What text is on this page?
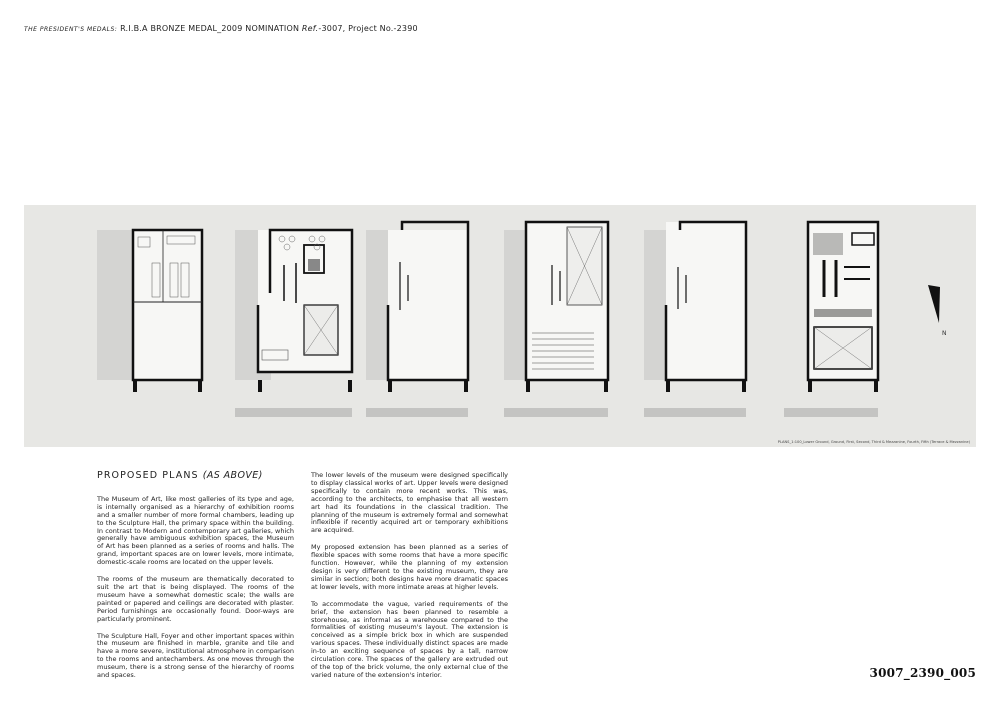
THE PRESIDENT'S MEDALS: R.I.B.A BRONZE MEDAL_2009 NOMINATION Ref.-3007, Project No.-2390
N
PLANS_1:100_Lower Ground, Ground, First, Second, Third & Mezzanine, Fourth, Fifth (Terrace & Mezzanine)
PROPOSED PLANS (AS ABOVE)

The Museum of Art, like most galleries of its type and age, is internally organised as a hierarchy of exhibition rooms and a smaller number of more formal chambers, leading up to the Sculpture Hall, the primary space within the building. In contrast to Modern and contemporary art galleries, which generally have ambiguous exhibition spaces, the Museum of Art has been planned as a series of rooms and halls. The grand, important spaces are on lower levels, more intimate, domestic-scale rooms are located on the upper levels.

The rooms of the museum are thematically decorated to suit the art that is being displayed. The rooms of the museum have a somewhat domestic scale; the walls are painted or papered and ceilings are decorated with plaster. Period furnishings are occasionally found. Door-ways are particularly prominent.

The Sculpture Hall, Foyer and other important spaces within the museum are finished in marble, granite and tile and have a more severe, institutional atmosphere in comparison to the rooms and antechambers. As one moves through the museum, there is a strong sense of the hierarchy of rooms and spaces.

The lower levels of the museum were designed specifically to display classical works of art. Upper levels were designed specifically to contain more recent works. This was, according to the architects, to emphasise that all western art had its foundations in the classical tradition. The planning of the museum is extremely formal and somewhat inflexible if recently acquired art or temporary exhibitions are acquired.

My proposed extension has been planned as a series of flexible spaces with some rooms that have a more specific function. However, while the planning of my extension design is very different to the existing museum, they are similar in section; both designs have more dramatic spaces at lower levels, with more intimate areas at higher levels.

To accommodate the vague, varied requirements of the brief, the extension has been planned to resemble a storehouse, as informal as a warehouse compared to the formalities of existing museum's layout. The extension is conceived as a simple brick box in which are suspended various spaces. These individually distinct spaces are made in-to an exciting sequence of spaces by a tall, narrow circulation core. The spaces of the gallery are extruded out of the top of the brick volume, the only external clue of the varied nature of the extension's interior.	3007_2390_005
